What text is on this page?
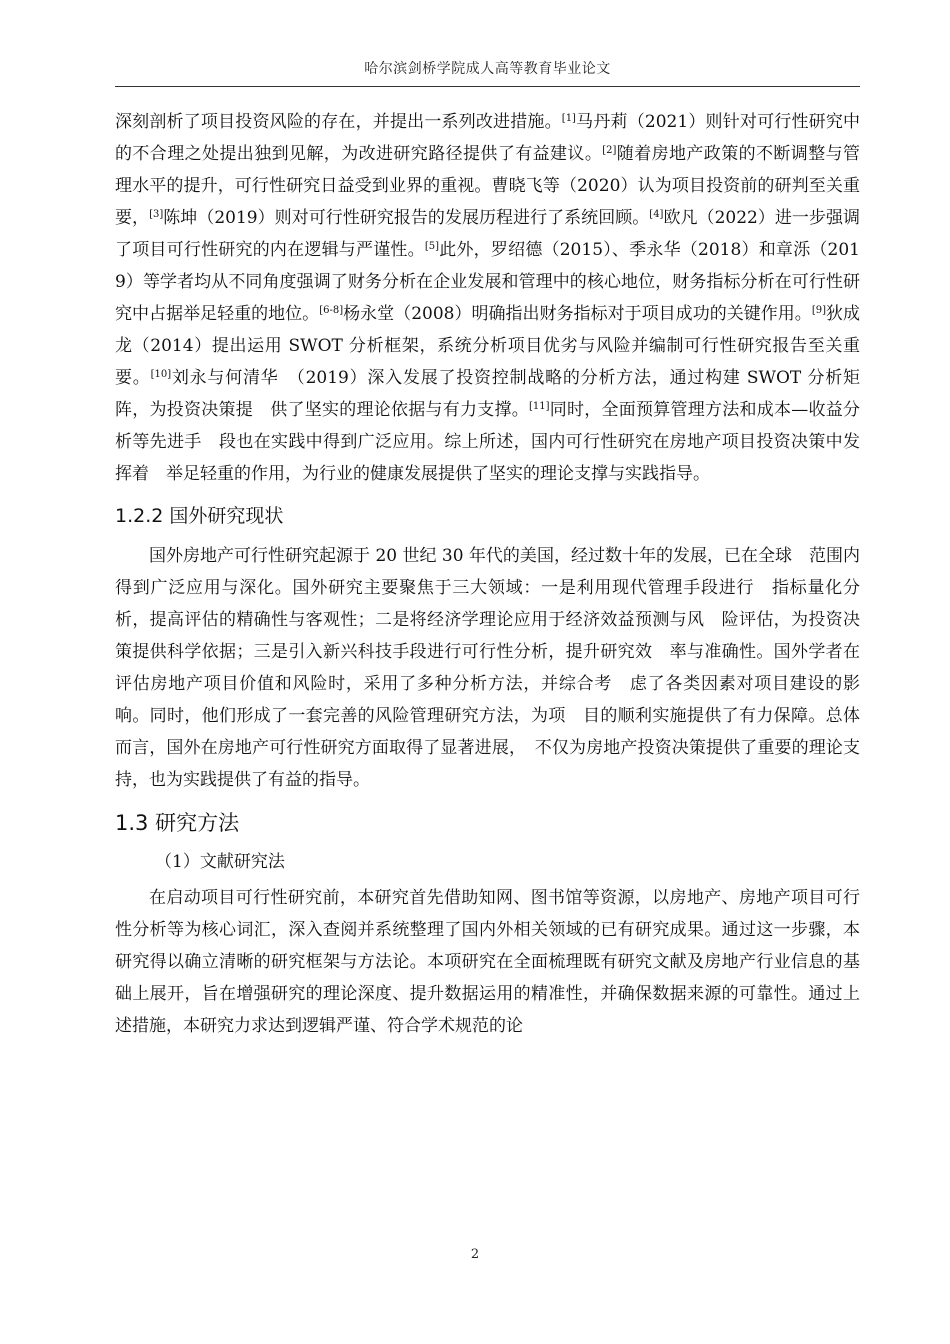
哈尔滨剑桥学院成人高等教育毕业论文

深刻剖析了项目投资风险的存在，并提出一系列改进措施。[1]马丹莉（2021）则针对可行性研究中的不合理之处提出独到见解，为改进研究路径提供了有益建议。[2]随着房地产政策的不断调整与管理水平的提升，可行性研究日益受到业界的重视。曹晓飞等（2020）认为项目投资前的研判至关重要，[3]陈坤（2019）则对可行性研究报告的发展历程进行了系统回顾。[4]欧凡（2022）进一步强调了项目可行性研究的内在逻辑与严谨性。[5]此外，罗绍德（2015）、季永华（2018）和章泺（2019）等学者均从不同角度强调了财务分析在企业发展和管理中的核心地位，财务指标分析在可行性研究中占据举足轻重的地位。[6-8]杨永堂（2008）明确指出财务指标对于项目成功的关键作用。[9]狄成龙（2014）提出运用 SWOT 分析框架，系统分析项目优劣与风险并编制可行性研究报告至关重要。[10]刘永与何清华　（2019）深入发展了投资控制战略的分析方法，通过构建 SWOT 分析矩阵，为投资决策提　供了坚实的理论依据与有力支撑。[11]同时，全面预算管理方法和成本—收益分析等先进手　段也在实践中得到广泛应用。综上所述，国内可行性研究在房地产项目投资决策中发挥着　举足轻重的作用，为行业的健康发展提供了坚实的理论支撑与实践指导。

1.2.2 国外研究现状

国外房地产可行性研究起源于 20 世纪 30 年代的美国，经过数十年的发展，已在全球　范围内得到广泛应用与深化。国外研究主要聚焦于三大领域：一是利用现代管理手段进行　指标量化分析，提高评估的精确性与客观性；二是将经济学理论应用于经济效益预测与风　险评估，为投资决策提供科学依据；三是引入新兴科技手段进行可行性分析，提升研究效　率与准确性。国外学者在评估房地产项目价值和风险时，采用了多种分析方法，并综合考　虑了各类因素对项目建设的影响。同时，他们形成了一套完善的风险管理研究方法，为项　目的顺利实施提供了有力保障。总体而言，国外在房地产可行性研究方面取得了显著进展，　不仅为房地产投资决策提供了重要的理论支持，也为实践提供了有益的指导。

1.3 研究方法
（1）文献研究法

在启动项目可行性研究前，本研究首先借助知网、图书馆等资源，以房地产、房地产项目可行性分析等为核心词汇，深入查阅并系统整理了国内外相关领域的已有研究成果。通过这一步骤，本研究得以确立清晰的研究框架与方法论。本项研究在全面梳理既有研究文献及房地产行业信息的基础上展开，旨在增强研究的理论深度、提升数据运用的精准性，并确保数据来源的可靠性。通过上述措施，本研究力求达到逻辑严谨、符合学术规范的论

2
